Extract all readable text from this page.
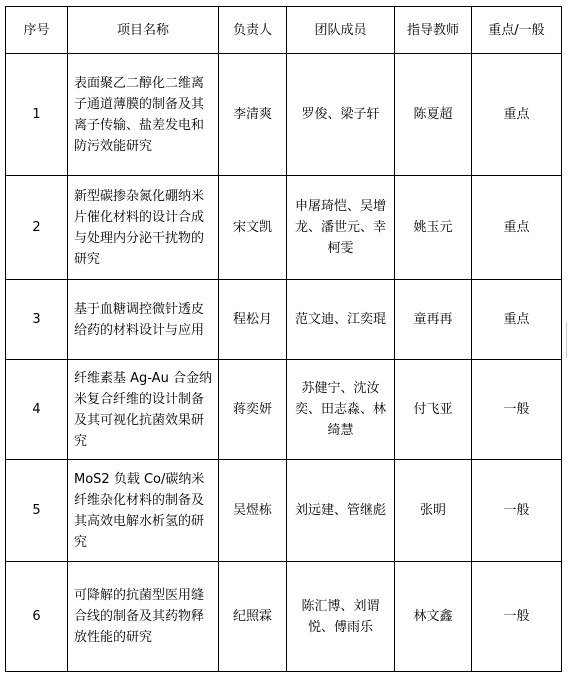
序号	项目名称	负责人	团队成员	指导教师	重点/一般
1	表面聚乙二醇化二维离子通道薄膜的制备及其离子传输、盐差发电和防污效能研究	李清爽	罗俊、梁子轩	陈夏超	重点
2	新型碳掺杂氮化硼纳米片催化材料的设计合成与处理内分泌干扰物的研究	宋文凯	申屠琦恺、吴增龙、潘世元、幸柯雯	姚玉元	重点
3	基于血糖调控微针透皮给药的材料设计与应用	程松月	范文迪、江奕琨	童再再	重点
4	纤维素基 Ag-Au 合金纳米复合纤维的设计制备及其可视化抗菌效果研究	蒋奕妍	苏健宁、沈汝奕、田志淼、林绮慧	付飞亚	一般
5	MoS2 负载 Co/碳纳米纤维杂化材料的制备及其高效电解水析氢的研究	吴煜栋	刘远建、管继彪	张明	一般
6	可降解的抗菌型医用缝合线的制备及其药物释放性能的研究	纪照霖	陈汇博、刘谓悦、傅雨乐	林文鑫	一般
